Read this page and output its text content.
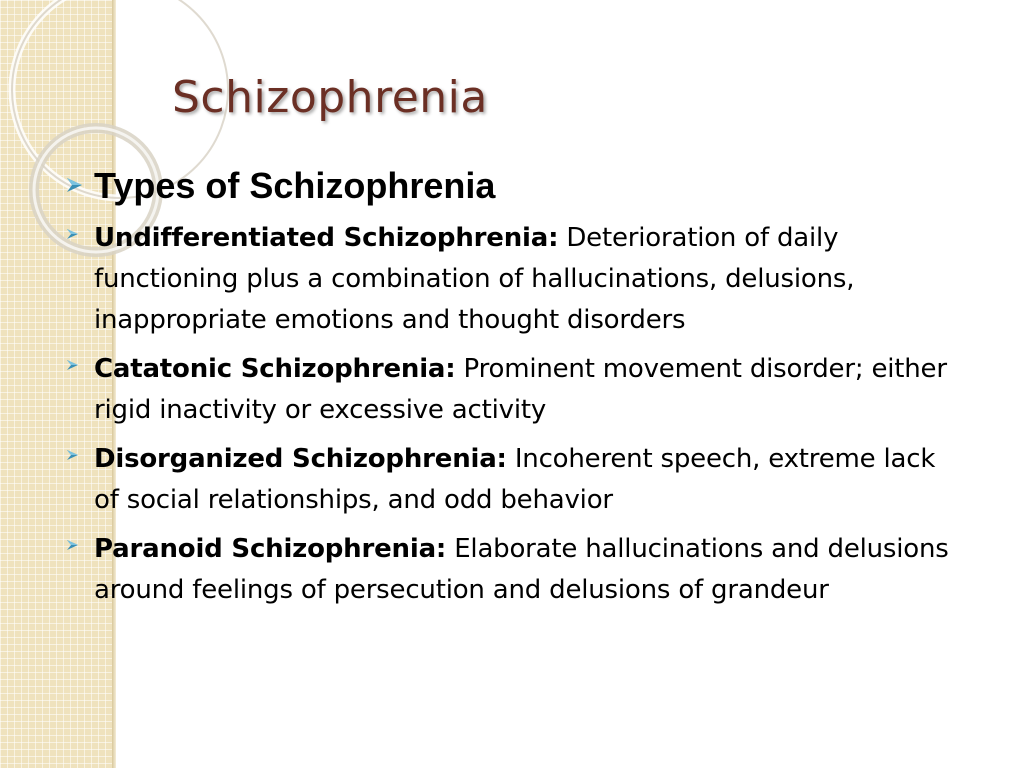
Schizophrenia
Types of Schizophrenia
Undifferentiated Schizophrenia: Deterioration of daily functioning plus a combination of hallucinations, delusions, inappropriate emotions and thought disorders
Catatonic Schizophrenia: Prominent movement disorder; either rigid inactivity or excessive activity
Disorganized Schizophrenia: Incoherent speech, extreme lack of social relationships, and odd behavior
Paranoid Schizophrenia: Elaborate hallucinations and delusions around feelings of persecution and delusions of grandeur
